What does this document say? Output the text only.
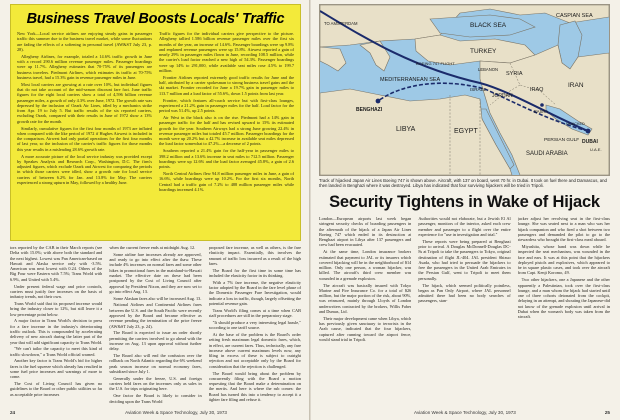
Business Travel Boosts Locals' Traffic

New York—Local service airlines are enjoying steady gains in passenger traffic this summer due to the business travel market, while some fluctuations are fading the effects of a softening in personal travel (AW&ST July 23, p. 28).

Allegheny Airlines, for example, totaled a 14.6% traffic growth in June with a record 290.6 million revenue passenger miles. Passenger boardings were up 11.7%. Allegheny estimates that 70-75% of its passengers are business travelers. Piedmont Airlines, which estimates its traffic at 70-75% business travel, had a 15.3% gain in revenue passenger miles in June.

Most local carriers are growing at a rate over 10%, but individual figures that do not take account of the mid-season discount fare fact. June traffic figures for the eight local carriers show a total of 4,596 billion revenue passenger miles, a growth of only 4.3% over June, 1972. The growth rate was depressed by the inclusion of Ozark Air Lines, idled by a mechanics strike from Apr. 19 to July 5. But traffic results of the six reported carriers, excluding Ozark, compared with their results in June of 1972 show a 13% growth rate for the month.

Similarly, cumulative figures for the first four months of 1973 are inflated when compared with the like period of 1972 if Hughes Airwest is included in the comparison. Airwest had only partial operations for the first four months of last year, so the inclusion of the carrier's traffic figures for those months this year results in a misleading 28.6% growth rate.

A more accurate picture of the local service industry was provided except by Speakes Analysis and Research Corp., Washington, D.C. The firm's adjusted figures, which exclude Ozark and Airwest for comparing the periods in which those carriers were idled, show a growth rate for local service carriers of between 6.2% for Jan. and 13.8% for May. The carriers experienced a strong upturn in May, followed by a healthy June.

Traffic figures for the individual carriers give perspective to the picture. Allegheny tallied 1.586 billion revenue passenger miles over the first six months of the year, an increase of 14.6%. Passenger boardings were up 9.8% and enplaned revenue passengers were up 15.8%. Airwest reported a gain of nearly 29% in passenger miles flown in June, recording 108.5 million, while the carrier's load factor reached a new high of 54.3%. Passenger boardings were up 14% to 291,000, while available seat miles rose 4.5% to 199.7 million.

Frontier Airlines reported extremely good traffic results for June and the half, attributed by a carrier spokesman to strong business travel gains and the ski market. Frontier recorded for June a 19.7% gain in passenger miles to 113.7 million and a load factor of 55.6%, down 1.5 points from last year.

Frontier, which features all-coach service but with first-class lounges, experienced a 21.2% gain in passenger miles for the half. Load factor for the period was 51.4%, up 2.5 points.

Air West in the black also is on the rise. Piedmont had a 14% gain in passenger traffic for the half and has revised upward to 15% its estimated growth for the year. Southern Airways had a strong June growing 22.4% in revenue passenger miles but totaled 45.7 million. Passenger boardings for the month were up 20.2% but a 42.7% increase in available seat miles depressed the load factor somewhat to 47.2%—a decrease of 2 points.

Southern reported a 21.4% gain for the half-year in passenger miles to 398.2 million and a 13.6% increase in seat miles to 712.5 million. Passenger boardings were up 12.6% and the load factor averaged 45.8%, a gain of 2.6 points.

North Central Airlines flew 94.8 million passenger miles in June, a gain of 16.6%, while boardings were up 10.2%. For the first six months, North Central had a traffic gain of 7.2% to 488 million passenger miles while boardings increased 4.1%.

tors reported by the CAB in their March reports (see Delta with 15.0%; with above both the standard and the next highest. Lowest was Pan American-based on Hawaii and Alaska service only with -3.5%. American was next lowest with 0.24. Others of the Big Four were Eastern with 7.5%; Trans World with 6.9%, and United with 5.4%.

Under present federal wage and price controls, carriers must justify fare increases on the basis of industry trends, not their own.

Trans World said that its proposed increase would bring the industry closer to 12%, but still leave it a low percentage point below.

A major factor in Trans World's decision to press for a fare increase in the industry's deteriorating traffic outlook. This is compounded by accelerating delivery of new aircraft during the latter part of the year that will add significant capacity to Trans World.

"We can't tailor the capacity to meet this kind of traffic slowdown," a Trans World official warned.

Another key factor is Trans World's bid for higher fares is the fuel squeeze which already has resulted in some fuel price increases and warnings of more to come.

The Cost of Living Council has given no guidelines to the Board or other public utilities so far as acceptable price increases

when the current freeze ends at midnight Aug. 12.

Some airline fare increases already are approved, and ready to go into effect after the thaw. These include 4% increases on normal fares and some other hikes in promotional fares in the mainland-to-Hawaii market. The effective date on these had been postponed by the Cost of Living Council after approval by President Nixon, and they are now set to go into effect Aug. 13.

Some Alaskan fares also will be increased Aug. 13.

National Airlines and Continental Airlines fares between the U.S. and the South Pacific were recently approved by the Board and became effective as revenue pending the termination of the price freeze (AW&ST July 23, p. 24).

The Board is expected to issue an order shortly permitting the carriers involved to go ahead with the increase on Aug. 13 upon approval without further delay.

The Board also will end the confusion over the rollback on North Atlantic regarding the 6% weekend peak season increase on normal economy fares, subsidized since July 1.

Generally under the freeze, U.S. and foreign carriers held fares on the increases only as sales in the U.S. for trips originating here.

One factor the Board is likely to consider in deciding upon the Trans World

proposed fare increase, as well as others, is the fare elasticity impact. Essentially, this involves the amount of traffic loss incurred as a result of the high fares.

The Board for the first time in some time has included the elasticity factor in its thinking.

With a 7% fare increase, the negative elasticity factor adopted by the Board in the fare level phase of the Domestic Passenger Fare Investigation, would indicate a loss in traffic, though, largely offsetting the potential revenue gain.

Trans World's filing comes at a time when CAB staff procedures are still in the preparatory stage.

"It should produce a very interesting legal hassle," according to one tariff source.

At the base of the problem is the Board's order setting fresh maximum legal domestic fares, which, in effect, are current fares. Thus, technically, any fare increase above current maximum levels now, any filing in excess of these is subject to outright rejection and not acceptable only by the Board for consideration that the rejection is challenged.

The Board would bring about the problem by concurrently filing with the Board a motion requesting that the Board make a determination on the merits. And here is where the rub comes: the Board has turned this into a tendency to accept it a tighter fare filing and refuse it.

24	Aviation Week & Space Technology, July 30, 1973
BLACK SEA
CASPIAN SEA
TURKEY
IRAN
SYRIA
IRAQ
JORDAN
ISRAEL
LEBANON
PERSIAN GULF
MEDITERRANEAN SEA
LIBYA	EGYPT
SAUDI ARABIA
BENGHAZI
DUBAI
BASRA
HIJACKED
TO AMSTERDAM
U.A.E.
BOEING 747 FLIGHT
Track of hijacked Japan Air Lines Boeing 747 is shown above. Aircraft, with 137 on board, went 70 hr. in Dubai. It took on fuel there and Damascus, and then landed in Benghazi where it was destroyed. Libya has indicated that four surviving hijackers will be tried in Tripoli.
Security Tightens in Wake of Hijack

London—European airports last week began stringent security checks of boarding passengers in the aftermath of the hijack of a Japan Air Lines Boeing 747 which ended in its destruction at Benghazi airport in Libya after 137 passengers and crew had been evacuated.

At the same time, London insurance brokers estimated that payment to JAL or its insurers which covered hijacking will be in the neighborhood of $14 million. Only one person, a woman hijacker, was killed. The aircraft's third crew member was wounded in a grenade explosion.

The aircraft was basically insured with Tokyo Marine and Fire Insurance Co. for a total of $26 million, but the major portion of the risk, about 90%, was reinsured, mainly through Lloyds of London underwriters contracted by the brokers, Willis Faber and Dumas, Ltd.

Their major development came when Libya, which has previously given sanctuary to terrorists in the Arab cause, indicated that the four hijackers, captured after running toward the airport fence, would stand trial in Tripoli.

Authorities would not elaborate, but a Jewish El Al passenger, monitors of the interior, asked each crew member and passenger to a flight over the entire experience for "use in investigation and trial."

These reports were being prepared at Benghazi prior to arrival. A Douglas McDonnell-Douglas DC-8s at Tripoli to take the passengers to Tokyo, original destination of flight JL-404. JAL president Shizuo Asada, who had tried to persuade the hijackers to free the passengers in the United Arab Emirates in the Persian Gulf, went to Tripoli to meet them personally.

The hijack, which seemed politically pointless, began as Pan Only Airport, where JAL personnel admitted there had been no body searches of passengers, stan-

jacker adjust her revolving seat in the first-class lounge. She was seated next to a man who was her hijack companion and who fired a shot between two passengers and demanded the pilot to go to the stewardess who brought the first-class meal aboard.

Miyashita, whose hand was down while he inspected the seat mechanism, was wounded in the face and ears. It was at this point that the hijackers deployed pistols and explosives, which appeared to be in square plastic cases, and took over the aircraft from Capt. Kenji Koromo, 49.

Two other hijackers, one a Japanese and the other apparently a Palestinian, took over the first-class lounge, and a man whom the hijack had started until one of three cohorts detonated from the cockpit, delaying in an attempt, and shouting the Japanese-did not know of the grenade explosion until arrival in Dubai when the woman's body was taken from the aircraft.

Aviation Week & Space Technology, July 30, 1973	25
